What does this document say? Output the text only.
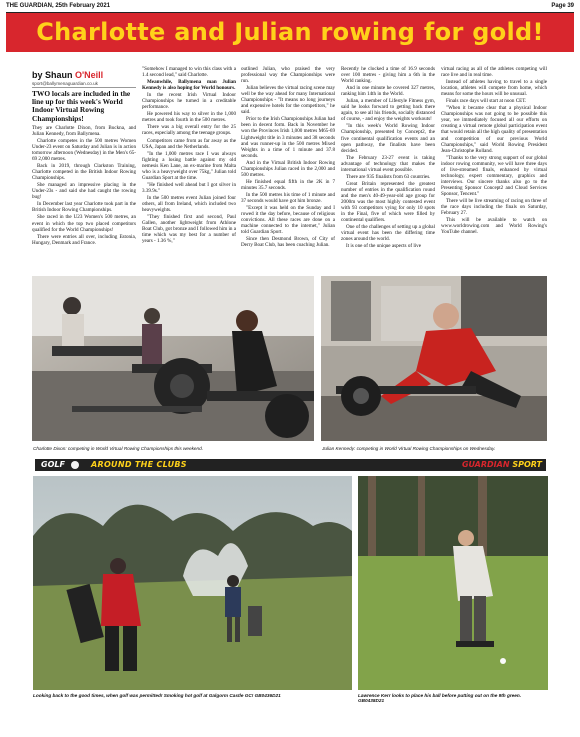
THE GUARDIAN, 25th February 2021	Page 39
Charlotte and Julian rowing for gold!
by Shaun O'Neill
sport@ballymenaguardian.co.uk

TWO locals are included in the line up for this week's World Indoor Virtual Rowing Championships!

They are Charlotte Dixon, from Buckna, and Julian Kennedy, from Ballymena.

Charlotte competes in the 500 metres Women Under-23 event on Saturday and Julian is in action tomorrow afternoon (Wednesday) in the Men's 65-69 2,000 metres.

Back in 2019, through Clarkston Training, Charlotte competed in the British Indoor Rowing Championships.

She managed an impressive placing in the Under-23s - and said she had caught the rowing bug!

In December last year Charlotte took part in the British Indoor Rowing Championships.

She raced in the U23 Women's 500 metres, an event in which the top two placed competitors qualified for the World Championships!

There were entries all over, including Estonia, Hungary, Denmark and France.

"Somehow I managed to win this class with a 1.4 second lead," said Charlotte.

Meanwhile, Ballymena man Julian Kennedy is also hoping for World honours.

In the recent Irish Virtual Indoor Championships he turned in a creditable performance.

He powered his way to silver in the 1,000 metres and took fourth in the 500 metres.

There was a big overall entry for the 25 races, especially among the teenage groups.

Competitors came from as far away as the USA, Japan and the Netherlands.

"In the 1,000 metres race I was always fighting a losing battle against my old nemesis Ken Lane, an ex-marine from Malta who is a heavyweight over 75kg," Julian told Guardian Sport at the time.

"He finished well ahead but I got silver in 3.39.9s."

In the 500 metres event Julian joined four others, all from Ireland, which included two heavyweights.

"They finished first and second, Paul Gallen, another lightweight from Athlone Boat Club, got bronze and I followed him in a time which was my best for a number of years - 1.36 %,"

outlined Julian, who praised the very professional way the Championships were run.

Julian believes the virtual racing scene may well be the way ahead for many International Championships - "It means no long journeys and expensive hotels for the competitors," he said.

Prior to the Irish Championships Julian had been in decent form. Back in November he won the Provinces Irish 1,000 metres M65-69 Lightweight title in 3 minutes and 38 seconds and was runner-up in the 500 metres Mixed Weights in a time of 1 minute and 37.8 seconds.

And in the Virtual British Indoor Rowing Championships Julian raced in the 2,000 and 500 metres.

He finished equal fifth in the 2K in 7 minutes 35.7 seconds.

In the 500 metres his time of 1 minute and 37 seconds would have got him bronze.

"Except it was held on the Sunday and I rowed it the day before, because of religious convictions. All these races are done on a machine connected to the internet," Julian told Guardian Sport.

Since then Desmond Brown, of City of Derry Boat Club, has been coaching Julian.

Recently he clocked a time of 16.9 seconds over 100 metres - giving him a 6th in the World ranking.

And in one minute he covered 327 metres, ranking him 14th in the World.

Julian, a member of Lifestyle Fitness gym, said he looks forward to getting back there again, to see all his friends, socially distanced of course, - and enjoy the weights workouts!

"In this week's World Rowing Indoor Championship, presented by Concept2, the five continental qualification events and an open pathway, the finalists have been decided.

The February 23-27 event is taking advantage of technology that makes the international virtual event possible.

There are 935 finalists from 63 countries.

Great Britain represented the greatest number of entries in the qualification round and the men's 40-49-year-old age group for 2000m was the most highly contested event with 93 competitors vying for only 10 spots in the Final, five of which were filled by continental qualifiers.

One of the challenges of setting up a global virtual event has been the differing time zones around the world.

It is one of the unique aspects of live

virtual racing as all of the athletes competing will race live and in real time.

Instead of athletes having to travel to a single location, athletes will compete from home, which means for some the hours will be unusual.

Finals race days will start at noon CET.

"When it became clear that a physical Indoor Championships was not going to be possible this year, we immediately focused all our efforts on creating a virtual remote global participation event that would retain all the high quality of presentation and competition of our previous World Championships," said World Rowing President Jean-Christophe Rolland.

"Thanks to the very strong support of our global indoor rowing community, we will have three days of live-streamed finals, enhanced by virtual technology, expert commentary, graphics and interviews. Our sincere thanks also go to the Presenting Sponsor Concept2 and Cloud Services Sponsor, Tencent."

There will be live streaming of racing on three of the race days including the finals on Saturday, February 27.

This will be available to watch on www.worldrowing.com and World Rowing's YouTube channel.

Charlotte Dixon: competing in World Virtual Rowing Championships this weekend.	Julian Kennedy: competing in World Virtual Rowing Championships on Wednesday.
GOLF	AROUND THE CLUBS	GUARDIAN SPORT
Looking back to the good times, when golf was permitted! Smoking hot golf at Galgorm Castle GC! GB0436D21	Lawrence Kerr looks to place his ball before putting out on the 9th green. GB0438D21
